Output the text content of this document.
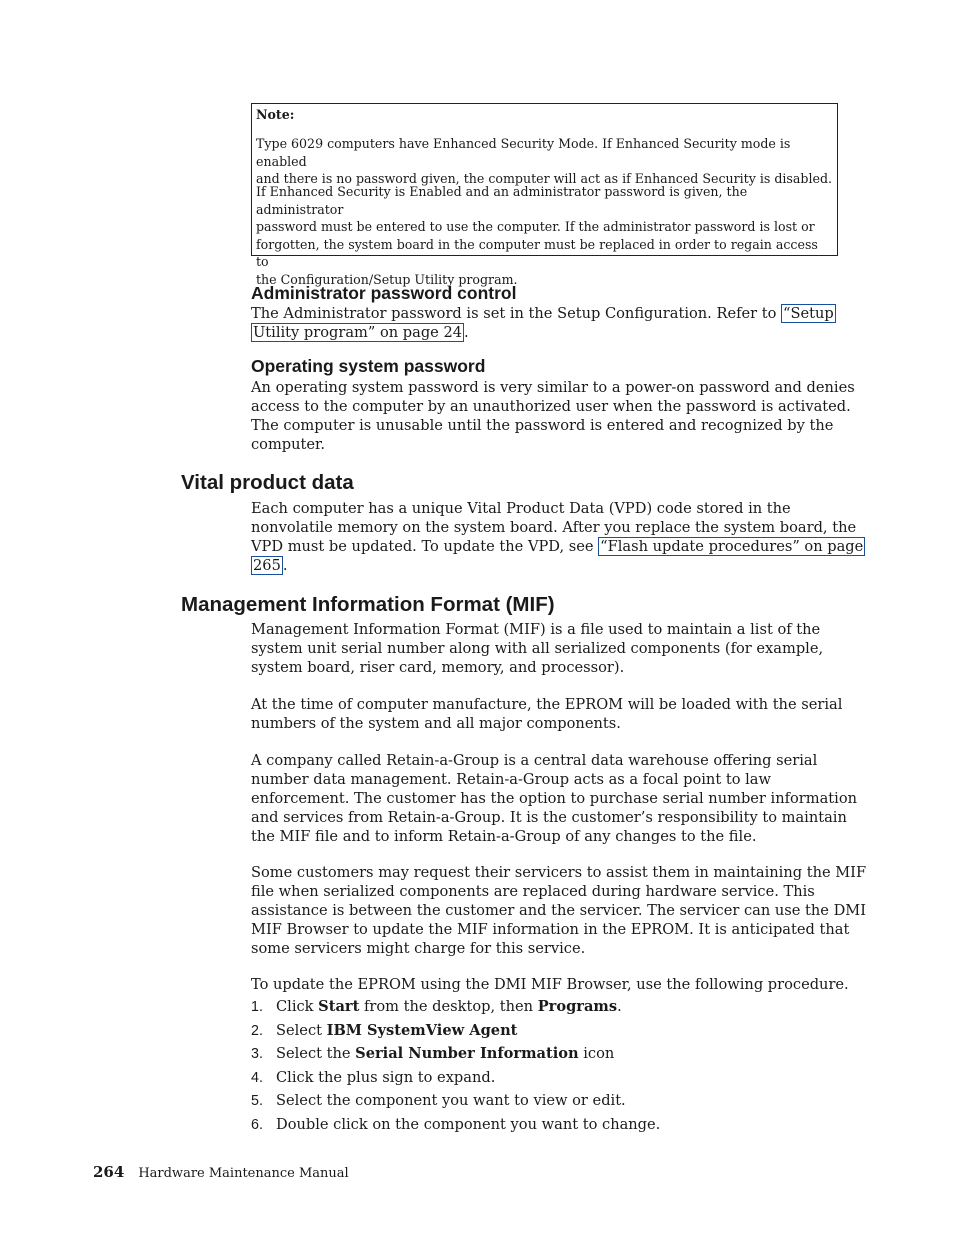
Note:

Type 6029 computers have Enhanced Security Mode. If Enhanced Security mode is enabled
and there is no password given, the computer will act as if Enhanced Security is disabled.

If Enhanced Security is Enabled and an administrator password is given, the administrator
password must be entered to use the computer. If the administrator password is lost or
forgotten, the system board in the computer must be replaced in order to regain access to
the Configuration/Setup Utility program.

Administrator password control
The Administrator password is set in the Setup Configuration. Refer to “Setup
Utility program” on page 24 .
Operating system password
An operating system password is very similar to a power-on password and denies
access to the computer by an unauthorized user when the password is activated.
The computer is unusable until the password is entered and recognized by the
computer.
Vital product data
Each computer has a unique Vital Product Data (VPD) code stored in the
nonvolatile memory on the system board. After you replace the system board, the
VPD must be updated. To update the VPD, see “Flash update procedures” on page
265 .
Management Information Format (MIF)
Management Information Format (MIF) is a file used to maintain a list of the
system unit serial number along with all serialized components (for example,
system board, riser card, memory, and processor).
At the time of computer manufacture, the EPROM will be loaded with the serial
numbers of the system and all major components.
A company called Retain-a-Group is a central data warehouse offering serial
number data management. Retain-a-Group acts as a focal point to law
enforcement. The customer has the option to purchase serial number information
and services from Retain-a-Group. It is the customer’s responsibility to maintain
the MIF file and to inform Retain-a-Group of any changes to the file.
Some customers may request their servicers to assist them in maintaining the MIF
file when serialized components are replaced during hardware service. This
assistance is between the customer and the servicer. The servicer can use the DMI
MIF Browser to update the MIF information in the EPROM. It is anticipated that
some servicers might charge for this service.
To update the EPROM using the DMI MIF Browser, use the following procedure.
1. Click Start from the desktop, then Programs.
2. Select IBM SystemView Agent
3. Select the Serial Number Information icon
4. Click the plus sign to expand.
5. Select the component you want to view or edit.
6. Double click on the component you want to change.
264 Hardware Maintenance Manual
